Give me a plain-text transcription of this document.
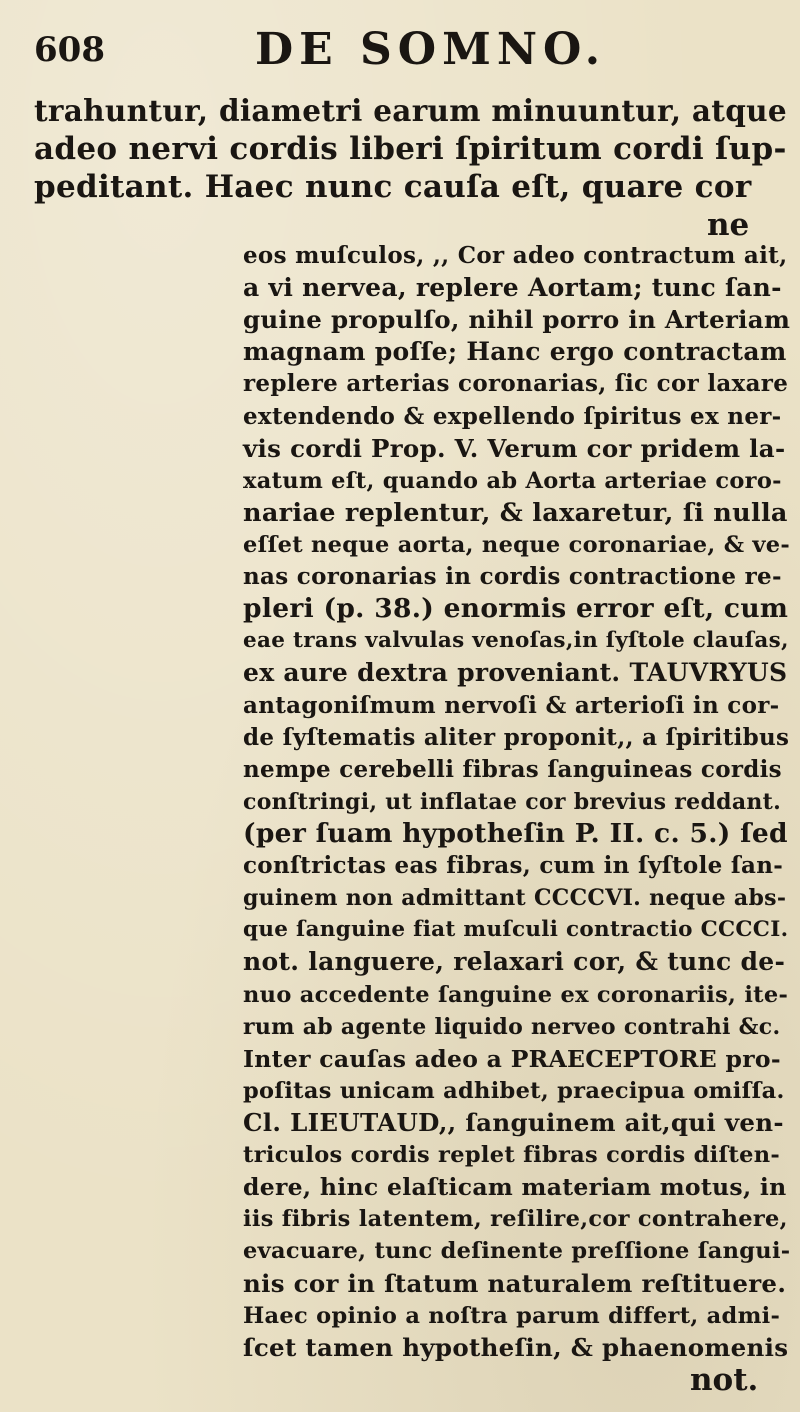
608	DE SOMNO.
trahuntur, diametri earum minuuntur, atque
adeo nervi cordis liberi ſpiritum cordi ſup-
peditant. Haec nunc cauſa eſt, quare cor
ne
eos muſculos, ,, Cor adeo contractum ait,
a vi nervea, replere Aortam; tunc ſan-
guine propulſo, nihil porro in Arteriam
magnam poſſe; Hanc ergo contractam
replere arterias coronarias, ſic cor laxare
extendendo & expellendo ſpiritus ex ner-
vis cordi Prop. V. Verum cor pridem la-
xatum eſt, quando ab Aorta arteriae coro-
nariae replentur, & laxaretur, ſi nulla
eſſet neque aorta, neque coronariae, & ve-
nas coronarias in cordis contractione re-
pleri (p. 38.) enormis error eſt, cum
eae trans valvulas venoſas,in ſyſtole clauſas,
ex aure dextra proveniant. TAUVRYUS
antagoniſmum nervoſi & arterioſi in cor-
de ſyſtematis aliter proponit,, a ſpiritibus
nempe cerebelli fibras ſanguineas cordis
conſtringi, ut inflatae cor brevius reddant.
(per ſuam hypotheſin P. II. c. 5.) ſed
conſtrictas eas fibras, cum in ſyſtole ſan-
guinem non admittant CCCCVI. neque abs-
que ſanguine fiat muſculi contractio CCCCI.
not. languere, relaxari cor, & tunc de-
nuo accedente ſanguine ex coronariis, ite-
rum ab agente liquido nerveo contrahi &c.
Inter cauſas adeo a PRAECEPTORE pro-
poſitas unicam adhibet, praecipua omiſſa.
Cl. LIEUTAUD,, ſanguinem ait,qui ven-
triculos cordis replet fibras cordis diſten-
dere, hinc elaſticam materiam motus, in
iis fibris latentem, reſilire,cor contrahere,
evacuare, tunc deſinente preſſione ſangui-
nis cor in ſtatum naturalem reſtituere.
Haec opinio a noſtra parum differt, admi-
ſcet tamen hypotheſin, & phaenomenis
not.
